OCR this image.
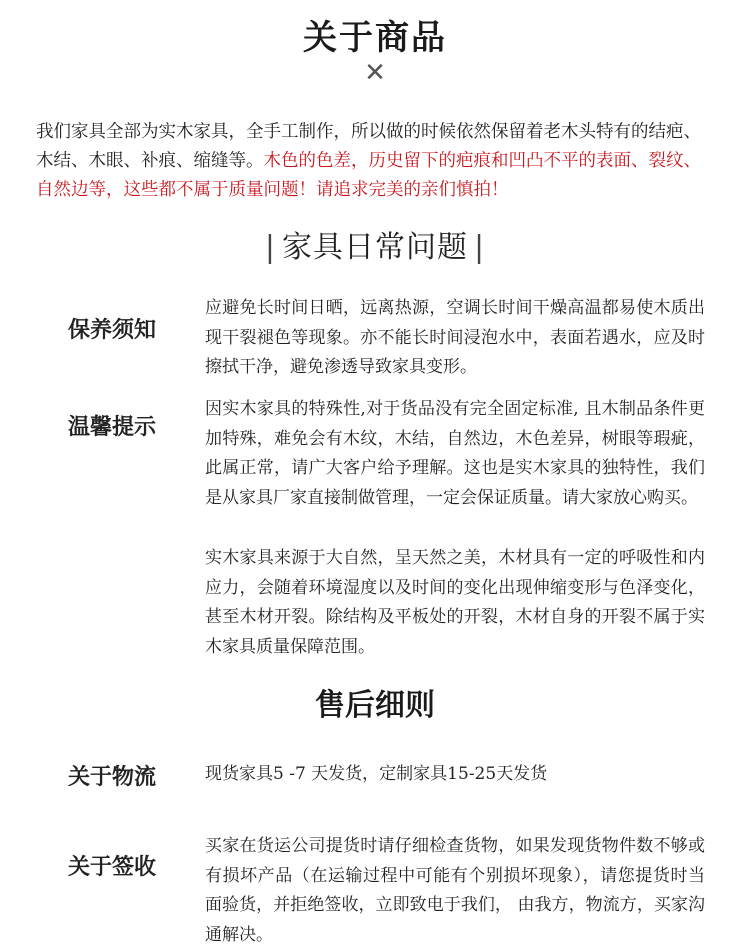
关于商品
✕
我们家具全部为实木家具，全手工制作，所以做的时候依然保留着老木头特有的结疤、木结、木眼、补痕、缩缝等。木色的色差，历史留下的疤痕和凹凸不平的表面、裂纹、自然边等，这些都不属于质量问题！请追求完美的亲们慎拍！
| 家具日常问题 |
保养须知
应避免长时间日晒，远离热源，空调长时间干燥高温都易使木质出现干裂褪色等现象。亦不能长时间浸泡水中，表面若遇水，应及时擦拭干净，避免渗透导致家具变形。
温馨提示
因实木家具的特殊性,对于货品没有完全固定标准, 且木制品条件更加特殊，难免会有木纹，木结，自然边，木色差异，树眼等瑕疵，此属正常，请广大客户给予理解。这也是实木家具的独特性，我们是从家具厂家直接制做管理，一定会保证质量。请大家放心购买。
实木家具来源于大自然，呈天然之美，木材具有一定的呼吸性和内应力，会随着环境湿度以及时间的变化出现伸缩变形与色泽变化，甚至木材开裂。除结构及平板处的开裂，木材自身的开裂不属于实木家具质量保障范围。
售后细则
关于物流	现货家具5 -7 天发货，定制家具15-25天发货
关于签收
买家在货运公司提货时请仔细检查货物，如果发现货物件数不够或有损坏产品（在运输过程中可能有个别损坏现象），请您提货时当面验货，并拒绝签收，立即致电于我们， 由我方，物流方，买家沟通解决。
